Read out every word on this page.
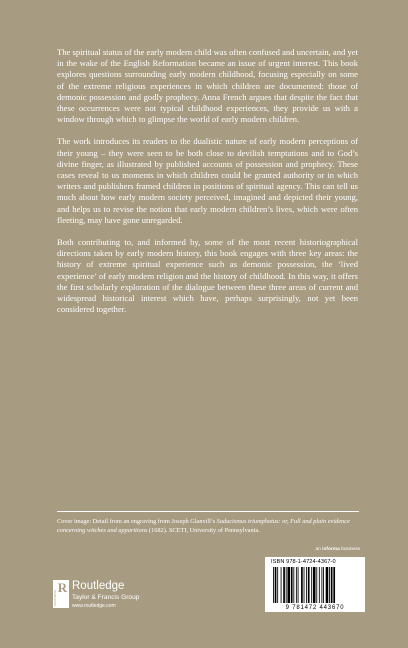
The spiritual status of the early modern child was often confused and uncertain, and yet in the wake of the English Reformation became an issue of urgent interest. This book explores questions surrounding early modern childhood, focusing especially on some of the extreme religious experiences in which children are documented: those of demonic possession and godly prophecy. Anna French argues that despite the fact that these occurrences were not typical childhood experiences, they provide us with a window through which to glimpse the world of early modern children.

The work introduces its readers to the dualistic nature of early modern perceptions of their young – they were seen to be both close to devilish temptations and to God’s divine finger, as illustrated by published accounts of possession and prophecy. These cases reveal to us moments in which children could be granted authority or in which writers and publishers framed children in positions of spiritual agency. This can tell us much about how early modern society perceived, imagined and depicted their young, and helps us to revise the notion that early modern children’s lives, which were often fleeting, may have gone unregarded.

Both contributing to, and informed by, some of the most recent historiographical directions taken by early modern history, this book engages with three key areas: the history of extreme spiritual experience such as demonic possession, the ‘lived experience’ of early modern religion and the history of childhood. In this way, it offers the first scholarly exploration of the dialogue between these three areas of current and widespread historical interest which have, perhaps surprisingly, not yet been considered together.

Cover image: Detail from an engraving from Joseph Glanvill’s Saducismus triumphatus: or, Full and plain evidence concerning witches and apparitions (1682). SCETI, University of Pennsylvania.
an informa business
ISBN 978-1-4724-4367-0
9 781472 443670
R
ROUTLEDGE
Routledge
Taylor & Francis Group
www.routledge.com
